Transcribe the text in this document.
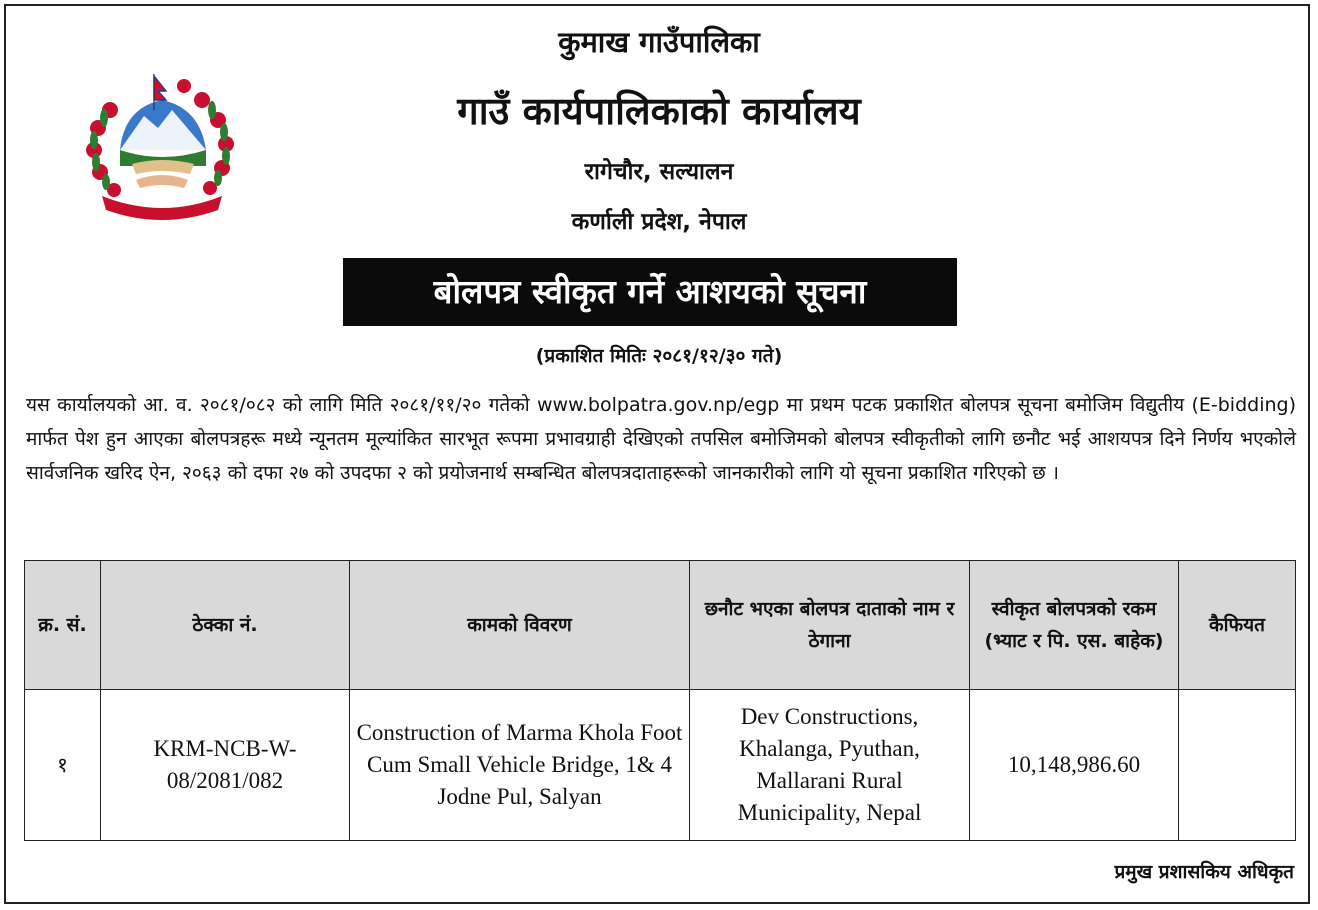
कुमाख गाउँपालिका
गाउँ कार्यपालिकाको कार्यालय
रागेचौर, सल्यालन
कर्णाली प्रदेश, नेपाल
बोलपत्र स्वीकृत गर्ने आशयको सूचना
(प्रकाशित मितिः २०८१/१२/३० गते)
यस कार्यालयको आ. व. २०८१/०८२ को लागि मिति २०८१/११/२० गतेको www.bolpatra.gov.np/egp मा प्रथम पटक प्रकाशित बोलपत्र सूचना बमोजिम विद्युतीय (E-bidding) मार्फत पेश हुन आएका बोलपत्रहरू मध्ये न्यूनतम मूल्यांकित सारभूत रूपमा प्रभावग्राही देखिएको तपसिल बमोजिमको बोलपत्र स्वीकृतीको लागि छनौट भई आशयपत्र दिने निर्णय भएकोले सार्वजनिक खरिद ऐन, २०६३ को दफा २७ को उपदफा २ को प्रयोजनार्थ सम्बन्धित बोलपत्रदाताहरूको जानकारीको लागि यो सूचना प्रकाशित गरिएको छ ।
क्र. सं.	ठेक्का नं.	कामको विवरण	छनौट भएका बोलपत्र दाताको नाम र ठेगाना	स्वीकृत बोलपत्रको रकम (भ्याट र पि. एस. बाहेक)	कैफियत
१	KRM-NCB-W-08/2081/082	Construction of Marma Khola Foot Cum Small Vehicle Bridge, 1& 4 Jodne Pul, Salyan	Dev Constructions, Khalanga, Pyuthan, Mallarani Rural Municipality, Nepal	10,148,986.60	
प्रमुख प्रशासकिय अधिकृत
